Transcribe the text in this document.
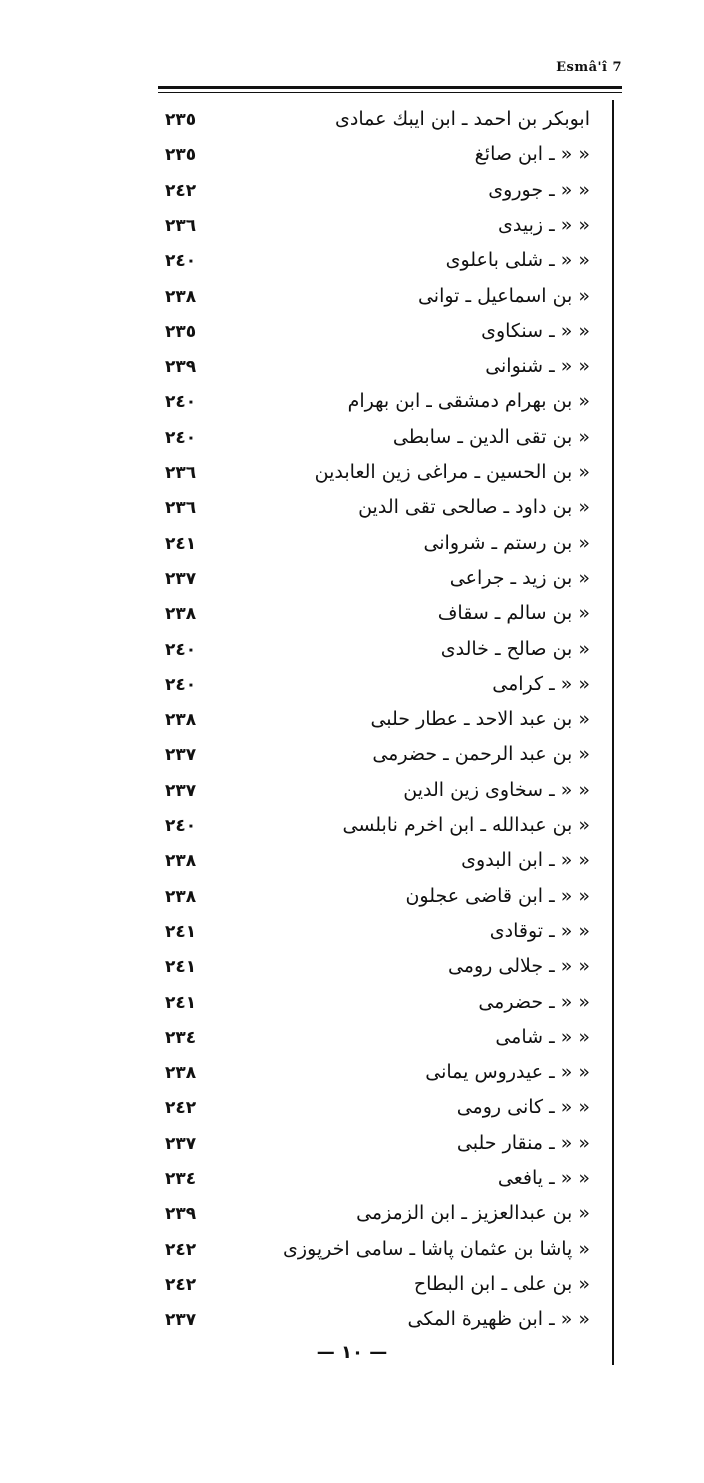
Esmâ'î 7
ابوبكر بن احمد ـ ابن ايبك عمادی
٢٣٥
« « ـ ابن صائغ
٢٣٥
« « ـ جوروی
٢٤٢
« « ـ زبیدی
٢٣٦
« « ـ شلی باعلوی
٢٤٠
« بن اسماعیل ـ توانی
٢٣٨
« « ـ سنکاوی
٢٣٥
« « ـ شنوانی
٢٣٩
« بن بهرام دمشقی ـ ابن بهرام
٢٤٠
« بن تقی الدین ـ سابطی
٢٤٠
« بن الحسین ـ مراغی زین العابدین
٢٣٦
« بن داود ـ صالحی تقی الدین
٢٣٦
« بن رستم ـ شروانی
٢٤١
« بن زید ـ جراعی
٢٣٧
« بن سالم ـ سقاف
٢٣٨
« بن صالح ـ خالدی
٢٤٠
« « ـ کرامی
٢٤٠
« بن عبد الاحد ـ عطار حلبی
٢٣٨
« بن عبد الرحمن ـ حضرمی
٢٣٧
« « ـ سخاوی زین الدین
٢٣٧
« بن عبدالله ـ ابن اخرم نابلسی
٢٤٠
« « ـ ابن البدوی
٢٣٨
« « ـ ابن قاضی عجلون
٢٣٨
« « ـ توقادی
٢٤١
« « ـ جلالی رومی
٢٤١
« « ـ حضرمی
٢٤١
« « ـ شامی
٢٣٤
« « ـ عیدروس یمانی
٢٣٨
« « ـ کانی رومی
٢٤٢
« « ـ منقار حلبی
٢٣٧
« « ـ یافعی
٢٣٤
« بن عبدالعزیز ـ ابن الزمزمی
٢٣٩
« پاشا بن عثمان پاشا ـ سامی اخرپوزی
٢٤٢
« بن علی ـ ابن البطاح
٢٤٢
« « ـ ابن ظهیرة المکی
٢٣٧
— ١٠ —
